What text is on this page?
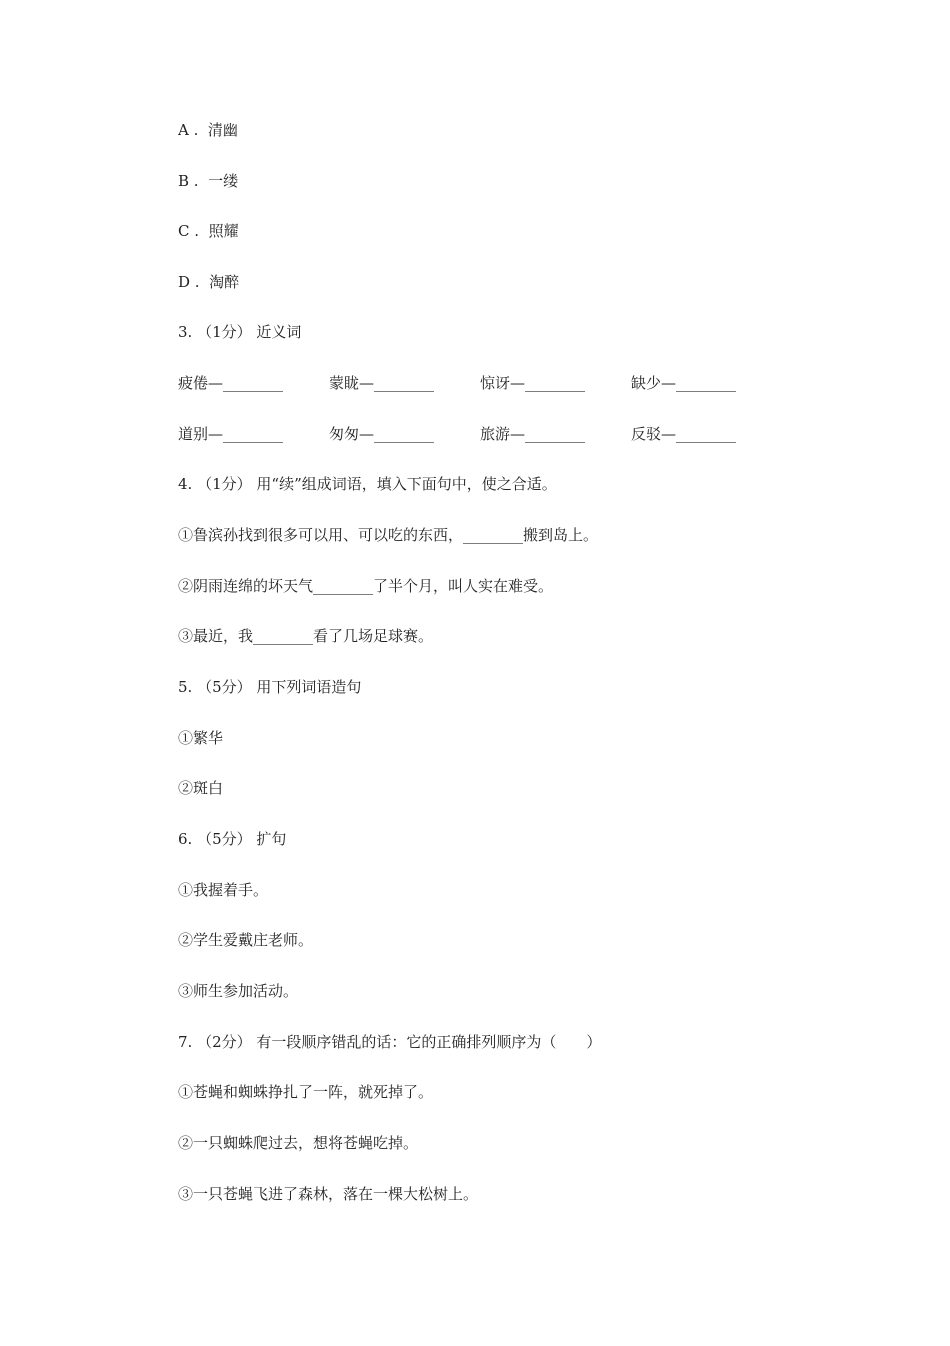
A .  清幽
B .  一缕
C .  照耀
D .  淘醉
3. （1分） 近义词
疲倦—________	蒙眬—________	惊讶—________	缺少—________
道别—________	匆匆—________	旅游—________	反驳—________
4. （1分） 用“续”组成词语，填入下面句中，使之合适。
①鲁滨孙找到很多可以用、可以吃的东西，________搬到岛上。
②阴雨连绵的坏天气________了半个月，叫人实在难受。
③最近，我________看了几场足球赛。
5. （5分） 用下列词语造句
①繁华
②斑白
6. （5分） 扩句
①我握着手。
②学生爱戴庄老师。
③师生参加活动。
7. （2分） 有一段顺序错乱的话：它的正确排列顺序为（　　）
①苍蝇和蜘蛛挣扎了一阵，就死掉了。
②一只蜘蛛爬过去，想将苍蝇吃掉。
③一只苍蝇飞进了森林，落在一棵大松树上。
